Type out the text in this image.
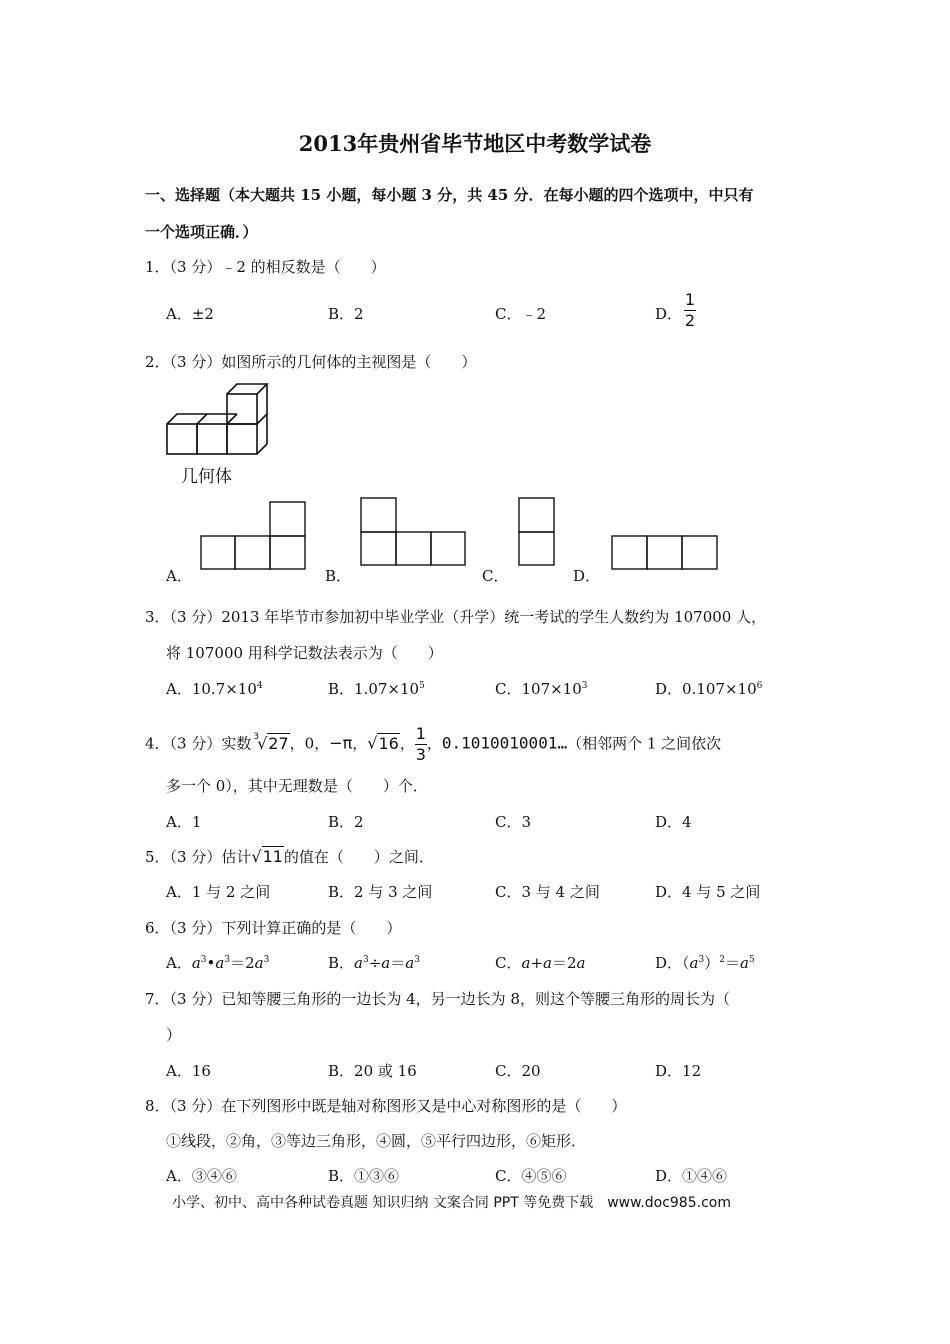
2013年贵州省毕节地区中考数学试卷
一、选择题（本大题共 15 小题，每小题 3 分，共 45 分．在每小题的四个选项中，中只有
一个选项正确．）
1．（3 分）﹣2 的相反数是（　　）
A．±2	B．2	C．﹣2	D． $\frac{1}{2}$
2．（3 分）如图所示的几何体的主视图是（　　）
几何体
A．	B．	C．	D．
3．（3 分）2013 年毕节市参加初中毕业学业（升学）统一考试的学生人数约为 107000 人，
将 107000 用科学记数法表示为（　　）
A．$10.7\times 10^4$	B．$1.07\times 10^5$	C．$107\times 10^3$	D．$0.107\times 10^6$
4．（3 分）实数 $^3$√27，0，−π，√16， $\frac{1}{3}$ ，0.1010010001…（相邻两个 1 之间依次
多一个 0），其中无理数是（　　）个．
A．1	B．2	C．3	D．4
5．（3 分）估计√11的值在（　　）之间．
A．1 与 2 之间	B．2 与 3 之间	C．3 与 4 之间	D．4 与 5 之间
6．（3 分）下列计算正确的是（　　）
A．$a^3•a^3=2a^3$	B．$a^3\div a=a^3$	C．a+a＝2a	D．$(a^3)^2=a^5$
7．（3 分）已知等腰三角形的一边长为 4，另一边长为 8，则这个等腰三角形的周长为（
）
A．16	B．20 或 16	C．20	D．12
8．（3 分）在下列图形中既是轴对称图形又是中心对称图形的是（　　）
①线段，②角，③等边三角形，④圆，⑤平行四边形，⑥矩形．
A．③④⑥	B．①③⑥	C．④⑤⑥	D．①④⑥
小学、初中、高中各种试卷真题 知识归纳 文案合同 PPT 等免费下载　www.doc985.com
